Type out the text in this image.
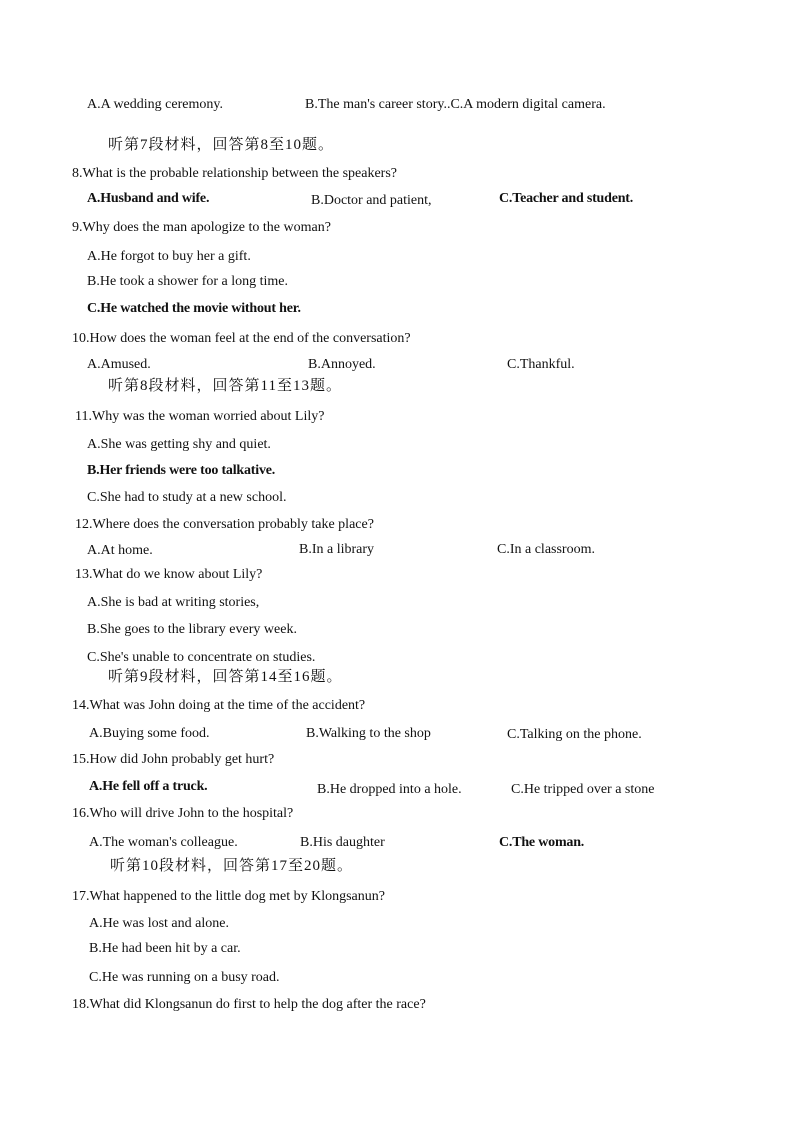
A.A wedding ceremony.	B.The man's career story..C.A modern digital camera.
听第7段材料，回答第8至10题。
8.What is the probable relationship between the speakers?
A.Husband and wife.	B.Doctor and patient,	C.Teacher and student.
9.Why does the man apologize to the woman?
A.He forgot to buy her a gift.
B.He took a shower for a long time.
C.He watched the movie without her.
10.How does the woman feel at the end of the conversation?
A.Amused.	B.Annoyed.	C.Thankful.
听第8段材料，回答第11至13题。
11.Why was the woman worried about Lily?
A.She was getting shy and quiet.
B.Her friends were too talkative.
C.She had to study at a new school.
12.Where does the conversation probably take place?
A.At home.	B.In a library	C.In a classroom.
13.What do we know about Lily?
A.She is bad at writing stories,
B.She goes to the library every week.
C.She's unable to concentrate on studies.
听第9段材料，回答第14至16题。
14.What was John doing at the time of the accident?
A.Buying some food.	B.Walking to the shop	C.Talking on the phone.
15.How did John probably get hurt?
A.He fell off a truck.	B.He dropped into a hole.	C.He tripped over a stone
16.Who will drive John to the hospital?
A.The woman's colleague.	B.His daughter	C.The woman.
听第10段材料，回答第17至20题。
17.What happened to the little dog met by Klongsanun?
A.He was lost and alone.
B.He had been hit by a car.
C.He was running on a busy road.
18.What did Klongsanun do first to help the dog after the race?
